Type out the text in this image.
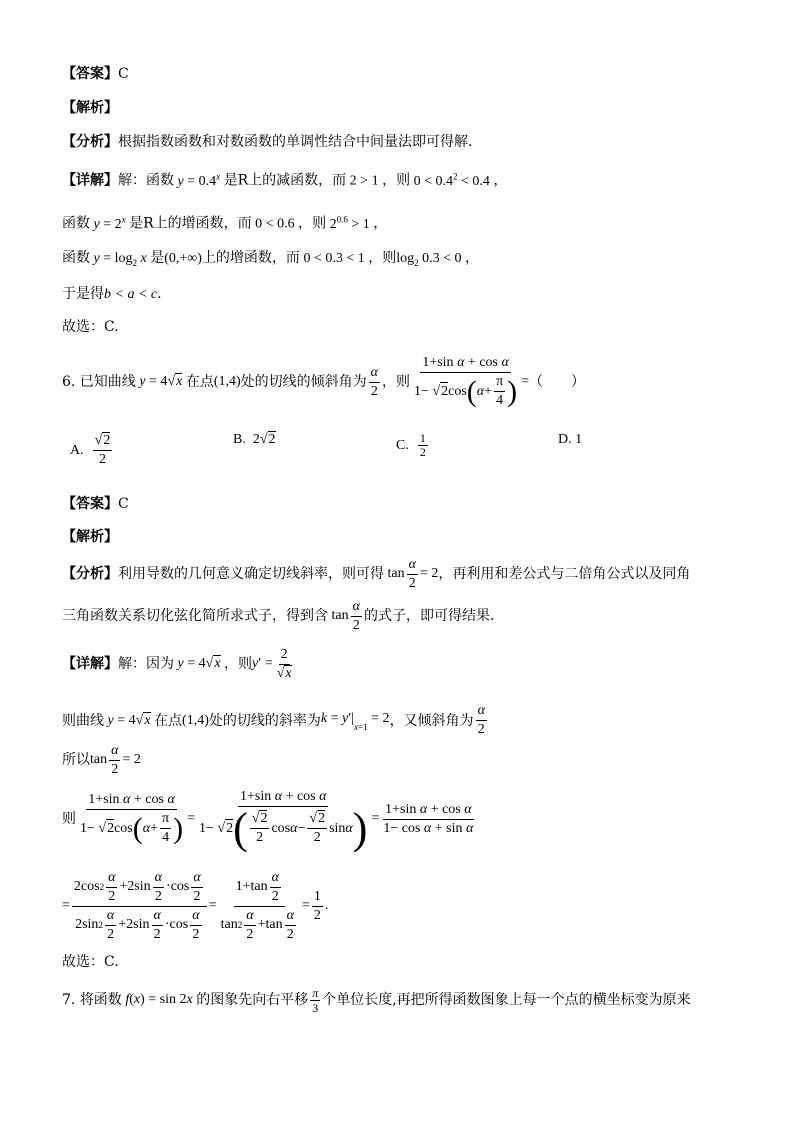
【答案】C
【解析】
【分析】根据指数函数和对数函数的单调性结合中间量法即可得解.
【详解】解：函数 $y = 0.4^x$ 是R上的减函数，而 2 > 1 ，则 $0 < 0.4^2 < 0.4$ ，
函数 $y = 2^x$ 是R上的增函数，而 0 < 0.6 ，则 $2^{0.6} > 1$ ，
函数 $y = \log_2 x$ 是(0,+∞)上的增函数，而 0 < 0.3 < 1 ，则$\log_2 0.3 < 0$ ，
于是得b < a < c.
故选：C.
6.
已知曲线 y = 4√x 在点 (1,4) 处的切线的倾斜角为 $\frac{\alpha}{2}$ ，则 $\frac{\text{1+sin α + cos α}}{1- √ 2 \cos ( \alpha + \frac{\pi}{4} )}$ = （　　）
A.
$\frac{√2}{2}$	B.
2√2	C.
$\frac{1}{2}$	D.
1
【答案】C
【解析】
【分析】 利用导数的几何意义确定切线斜率，则可得 $\tan \frac{\alpha}{2} = 2$ ，再利用和差公式与二倍角公式以及同角
三角函数关系切化弦化简所求式子，得到含 $\tan \frac{\alpha}{2}$ 的式子，即可得结果.
【详解】 解：因为 y = 4√x ，则 $y' = \frac{2}{√x}$
则曲线 y = 4√x 在点 (1,4) 处的切线的斜率为 $k = y'|_{x=1} = 2$ ，又倾斜角为 $\frac{\alpha}{2}$
所以 $\tan \frac{\alpha}{2} = 2$
则 $\frac{\text{1+sin α + cos α}}{1- √ 2 \cos ( \alpha + \frac{\pi}{4} )} = \frac{\text{1+sin α + cos α}}{1- √ 2 ( \frac{√2}{2} \cos \alpha - \frac{√2}{2} \sin \alpha )} = \frac{\text{1+sin α + cos α}}{\text{1− cos α + sin α}}$
= $\frac{2\cos 2 \frac{\alpha}{2} +2\sin \frac{\alpha}{2} \cdot\cos \frac{\alpha}{2}}{2\sin 2 \frac{\alpha}{2} +2\sin \frac{\alpha}{2} \cdot\cos \frac{\alpha}{2}} = \frac{1+\tan \frac{\alpha}{2}}{\tan 2 \frac{\alpha}{2} +\tan \frac{\alpha}{2}} = \frac{1}{2}$ .
故选：C.
7.
将函数 f(x) = sin 2x 的图象先向右平移 $\frac{\pi}{3}$ 个单位长度,再把所得函数图象上每一个点的横坐标变为原来
